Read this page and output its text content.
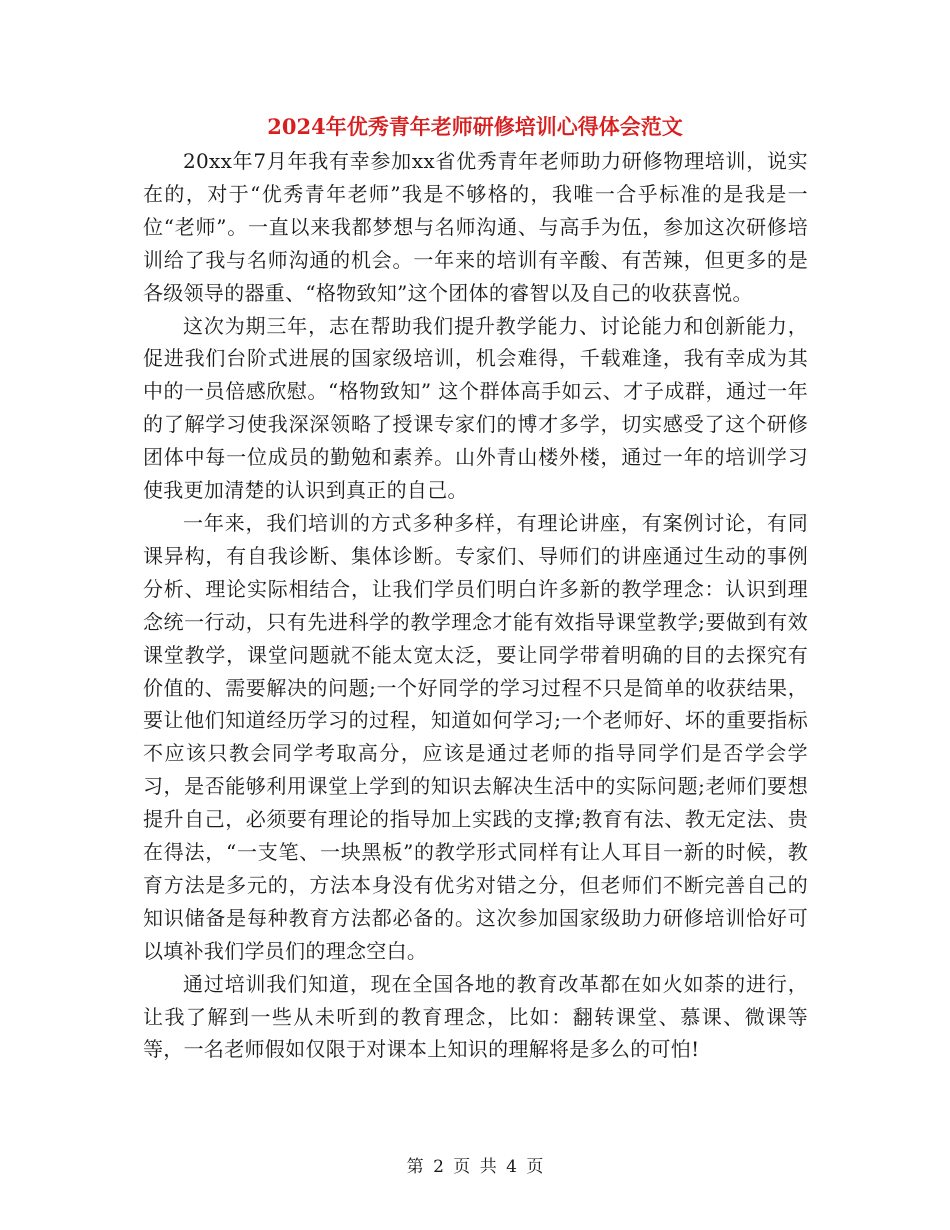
2024年优秀青年老师研修培训心得体会范文

20xx年7月年我有幸参加xx省优秀青年老师助力研修物理培训，说实在的，对于“优秀青年老师”我是不够格的，我唯一合乎标准的是我是一位“老师”。一直以来我都梦想与名师沟通、与高手为伍，参加这次研修培训给了我与名师沟通的机会。一年来的培训有辛酸、有苦辣，但更多的是各级领导的器重、“格物致知”这个团体的睿智以及自己的收获喜悦。

这次为期三年，志在帮助我们提升教学能力、讨论能力和创新能力，促进我们台阶式进展的国家级培训，机会难得，千载难逢，我有幸成为其中的一员倍感欣慰。“格物致知” 这个群体高手如云、才子成群，通过一年的了解学习使我深深领略了授课专家们的博才多学，切实感受了这个研修团体中每一位成员的勤勉和素养。山外青山楼外楼，通过一年的培训学习使我更加清楚的认识到真正的自己。

一年来，我们培训的方式多种多样，有理论讲座，有案例讨论，有同课异构，有自我诊断、集体诊断。专家们、导师们的讲座通过生动的事例分析、理论实际相结合，让我们学员们明白许多新的教学理念：认识到理念统一行动，只有先进科学的教学理念才能有效指导课堂教学;要做到有效课堂教学，课堂问题就不能太宽太泛，要让同学带着明确的目的去探究有价值的、需要解决的问题;一个好同学的学习过程不只是简单的收获结果，要让他们知道经历学习的过程，知道如何学习;一个老师好、坏的重要指标不应该只教会同学考取高分，应该是通过老师的指导同学们是否学会学习，是否能够利用课堂上学到的知识去解决生活中的实际问题;老师们要想提升自己，必须要有理论的指导加上实践的支撑;教育有法、教无定法、贵在得法，“一支笔、一块黑板”的教学形式同样有让人耳目一新的时候，教育方法是多元的，方法本身没有优劣对错之分，但老师们不断完善自己的知识储备是每种教育方法都必备的。这次参加国家级助力研修培训恰好可以填补我们学员们的理念空白。

通过培训我们知道，现在全国各地的教育改革都在如火如荼的进行，让我了解到一些从未听到的教育理念，比如：翻转课堂、慕课、微课等等，一名老师假如仅限于对课本上知识的理解将是多么的可怕!

第 2 页 共 4 页
